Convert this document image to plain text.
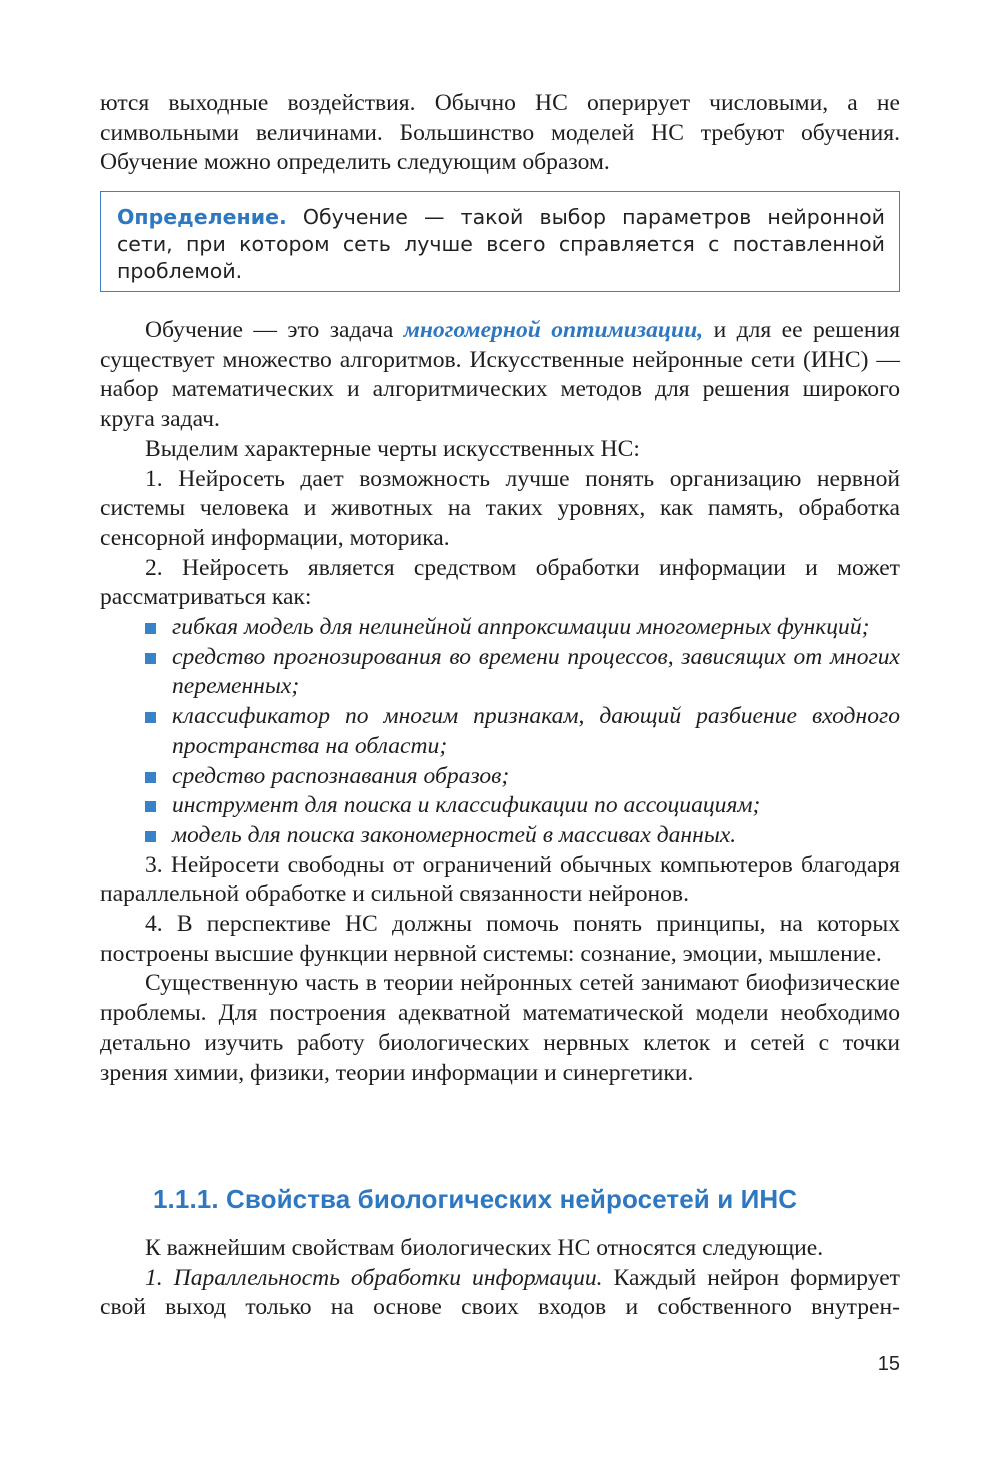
ются выходные воздействия. Обычно НС оперирует числовыми, а не символьными величинами. Большинство моделей НС требуют обучения. Обучение можно определить следующим образом.

Определение. Обучение — такой выбор параметров нейронной сети, при котором сеть лучше всего справляется с поставленной проблемой.

Обучение — это задача многомерной оптимизации, и для ее решения существует множество алгоритмов. Искусственные нейронные сети (ИНС) — набор математических и алгоритмических методов для решения широкого круга задач.

Выделим характерные черты искусственных НС:

1. Нейросеть дает возможность лучше понять организацию нервной системы человека и животных на таких уровнях, как память, обработка сенсорной информации, моторика.

2. Нейросеть является средством обработки информации и может рассматриваться как:

гибкая модель для нелинейной аппроксимации многомерных функций;
средство прогнозирования во времени процессов, зависящих от многих переменных;
классификатор по многим признакам, дающий разбиение входного пространства на области;
средство распознавания образов;
инструмент для поиска и классификации по ассоциациям;
модель для поиска закономерностей в массивах данных.

3. Нейросети свободны от ограничений обычных компьютеров благодаря параллельной обработке и сильной связанности нейронов.

4. В перспективе НС должны помочь понять принципы, на которых построены высшие функции нервной системы: сознание, эмоции, мышление.

Существенную часть в теории нейронных сетей занимают биофизические проблемы. Для построения адекватной математической модели необходимо детально изучить работу биологических нервных клеток и сетей с точки зрения химии, физики, теории информации и синергетики.

1.1.1. Свойства биологических нейросетей и ИНС

К важнейшим свойствам биологических НС относятся следующие.

1. Параллельность обработки информации. Каждый нейрон формирует свой выход только на основе своих входов и собственного внутрен-

15
